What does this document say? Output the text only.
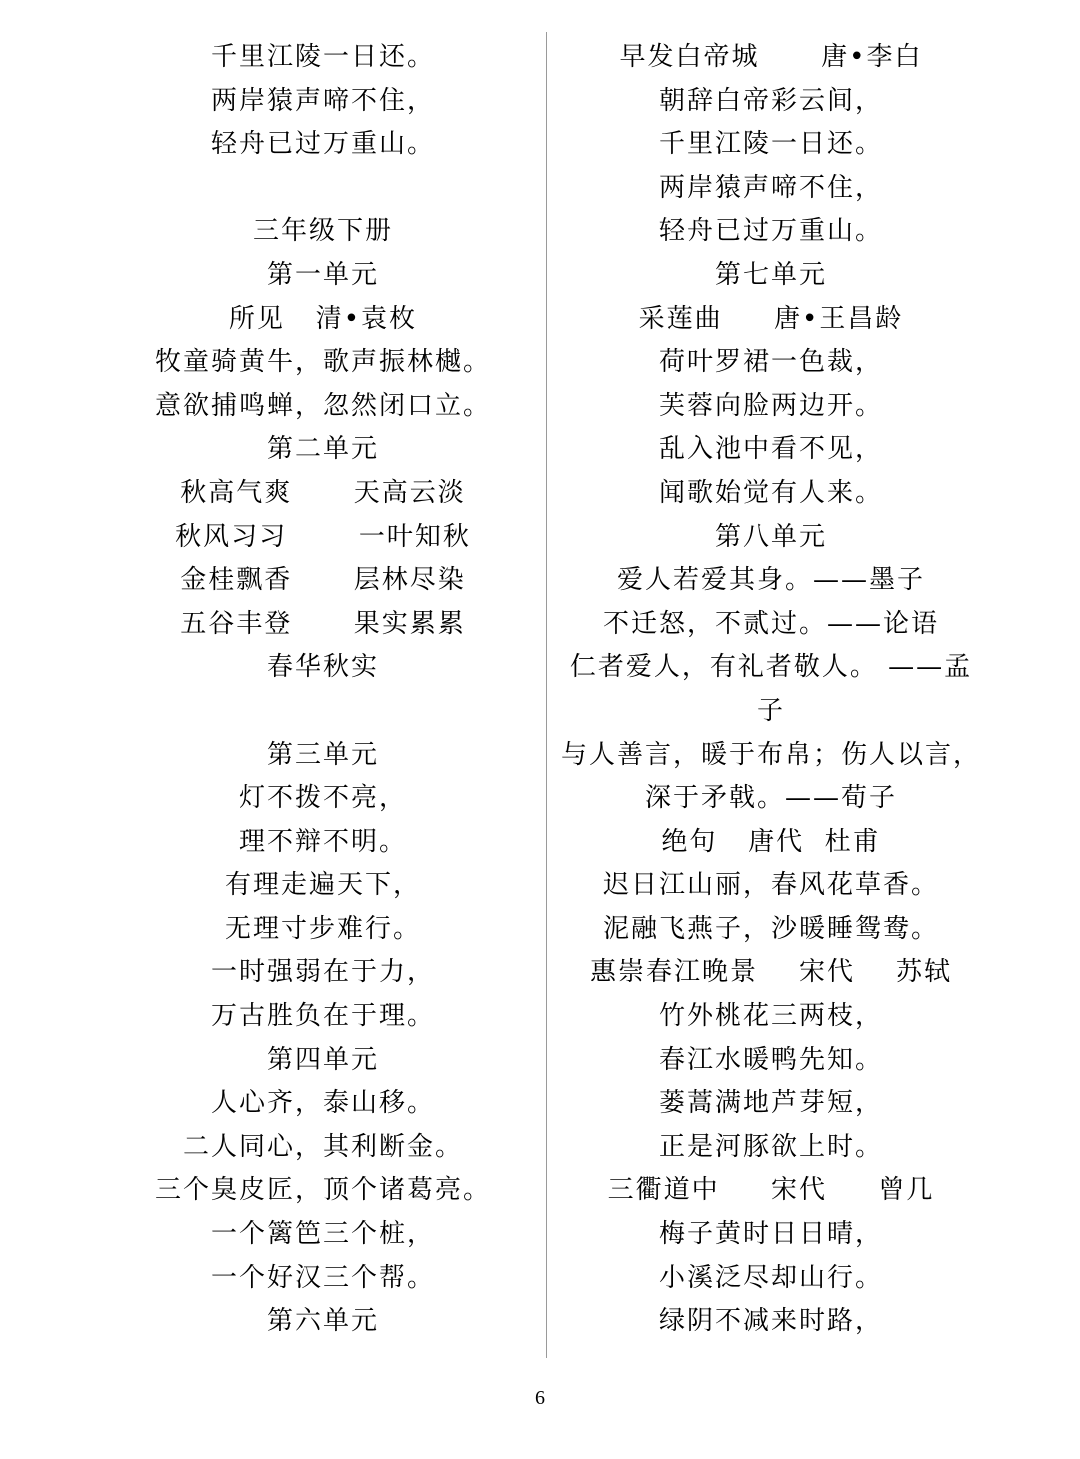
千里江陵一日还。
两岸猿声啼不住，
轻舟已过万重山。
三年级下册
第一单元
所见   清•袁枚
牧童骑黄牛，歌声振林樾。
意欲捕鸣蝉，忽然闭口立。
第二单元
秋高气爽      天高云淡
秋风习习       一叶知秋
金桂飘香      层林尽染
五谷丰登      果实累累
春华秋实
第三单元
灯不拨不亮，
理不辩不明。
有理走遍天下，
无理寸步难行。
一时强弱在于力，
万古胜负在于理。
第四单元
人心齐，泰山移。
二人同心，其利断金。
三个臭皮匠，顶个诸葛亮。
一个篱笆三个桩，
一个好汉三个帮。
第六单元
早发白帝城      唐•李白
朝辞白帝彩云间，
千里江陵一日还。
两岸猿声啼不住，
轻舟已过万重山。
第七单元
采莲曲     唐•王昌龄
荷叶罗裙一色裁，
芙蓉向脸两边开。
乱入池中看不见，
闻歌始觉有人来。
第八单元
爱人若爱其身。——墨子
不迁怒，不贰过。——论语
仁者爱人，有礼者敬人。 ——孟
子
与人善言，暖于布帛；伤人以言，
深于矛戟。——荀子
绝句   唐代  杜甫
迟日江山丽，春风花草香。
泥融飞燕子，沙暖睡鸳鸯。
惠崇春江晚景    宋代    苏轼
竹外桃花三两枝，
春江水暖鸭先知。
蒌蒿满地芦芽短，
正是河豚欲上时。
三衢道中     宋代     曾几
梅子黄时日日晴，
小溪泛尽却山行。
绿阴不减来时路，
6
